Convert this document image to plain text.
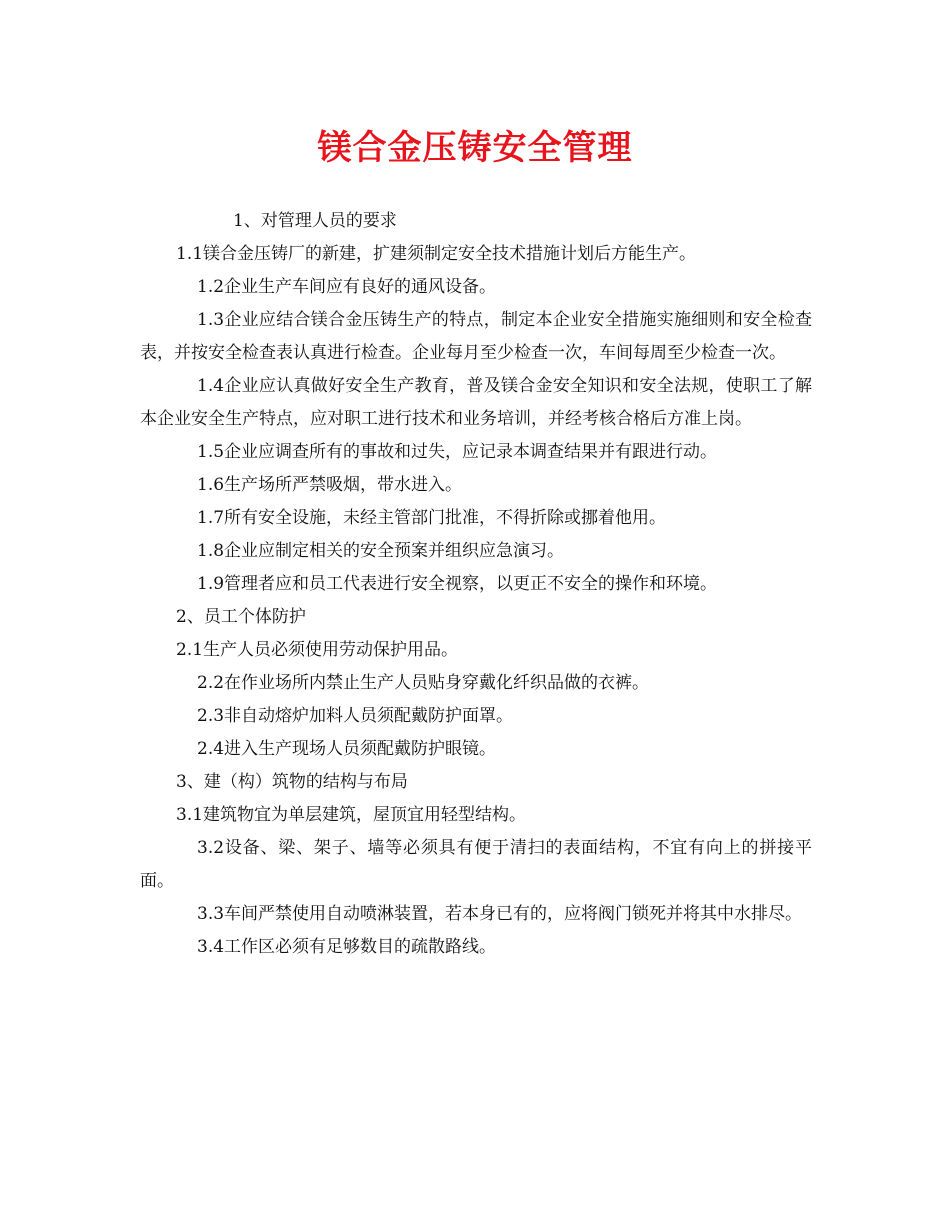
镁合金压铸安全管理
1、对管理人员的要求
1.1镁合金压铸厂的新建，扩建须制定安全技术措施计划后方能生产。
1.2企业生产车间应有良好的通风设备。
1.3企业应结合镁合金压铸生产的特点，制定本企业安全措施实施细则和安全检查表，并按安全检查表认真进行检查。企业每月至少检查一次，车间每周至少检查一次。
1.4企业应认真做好安全生产教育，普及镁合金安全知识和安全法规，使职工了解本企业安全生产特点，应对职工进行技术和业务培训，并经考核合格后方准上岗。
1.5企业应调查所有的事故和过失，应记录本调查结果并有跟进行动。
1.6生产场所严禁吸烟，带水进入。
1.7所有安全设施，未经主管部门批准，不得折除或挪着他用。
1.8企业应制定相关的安全预案并组织应急演习。
1.9管理者应和员工代表进行安全视察，以更正不安全的操作和环境。
2、员工个体防护
2.1生产人员必须使用劳动保护用品。
2.2在作业场所内禁止生产人员贴身穿戴化纤织品做的衣裤。
2.3非自动熔炉加料人员须配戴防护面罩。
2.4进入生产现场人员须配戴防护眼镜。
3、建（构）筑物的结构与布局
3.1建筑物宜为单层建筑，屋顶宜用轻型结构。
3.2设备、梁、架子、墙等必须具有便于清扫的表面结构，不宜有向上的拼接平面。
3.3车间严禁使用自动喷淋装置，若本身已有的，应将阀门锁死并将其中水排尽。
3.4工作区必须有足够数目的疏散路线。
